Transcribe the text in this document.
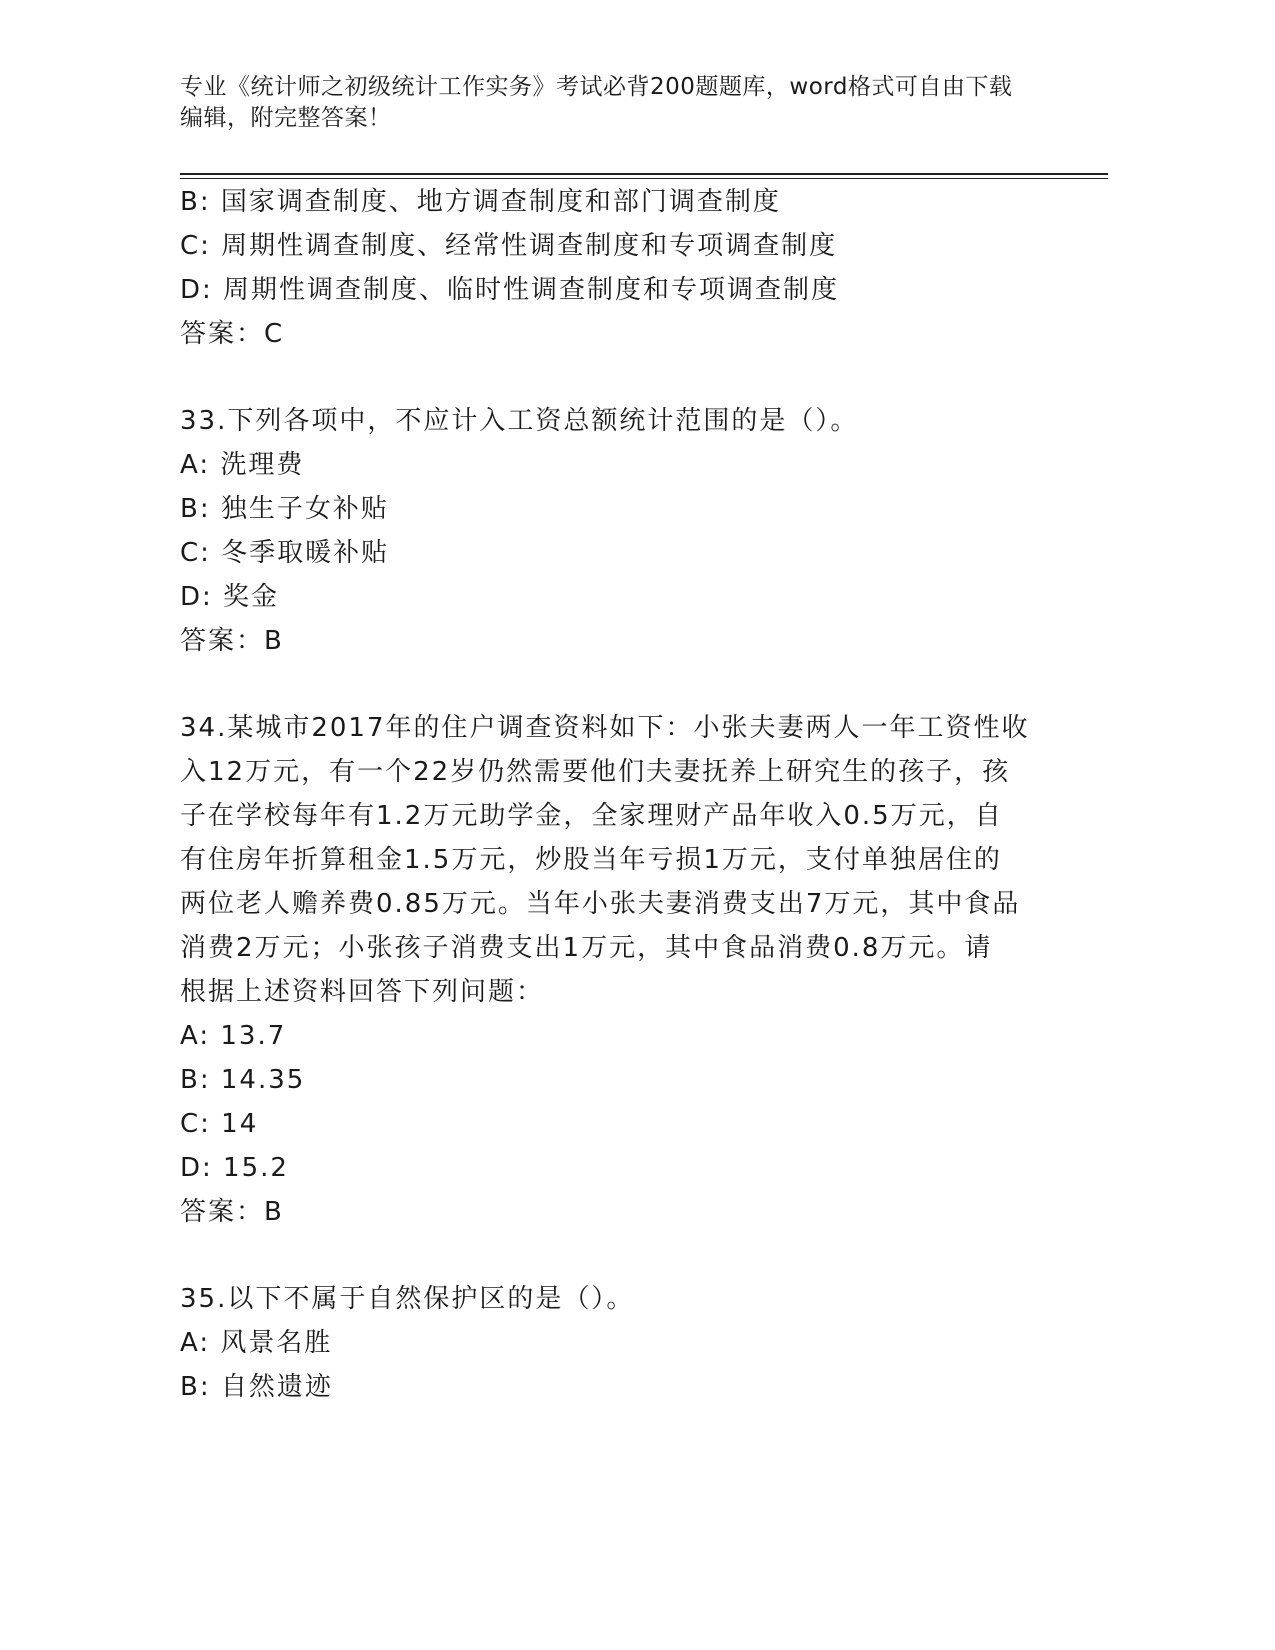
专业《统计师之初级统计工作实务》考试必背200题题库，word格式可自由下载
编辑，附完整答案！
B: 国家调查制度、地方调查制度和部门调查制度
C: 周期性调查制度、经常性调查制度和专项调查制度
D: 周期性调查制度、临时性调查制度和专项调查制度
答案：C
33.下列各项中，不应计入工资总额统计范围的是（）。
A: 洗理费
B: 独生子女补贴
C: 冬季取暖补贴
D: 奖金
答案：B
34.某城市2017年的住户调查资料如下：小张夫妻两人一年工资性收
入12万元，有一个22岁仍然需要他们夫妻抚养上研究生的孩子，孩
子在学校每年有1.2万元助学金，全家理财产品年收入0.5万元，自
有住房年折算租金1.5万元，炒股当年亏损1万元，支付单独居住的
两位老人赡养费0.85万元。当年小张夫妻消费支出7万元，其中食品
消费2万元；小张孩子消费支出1万元，其中食品消费0.8万元。请
根据上述资料回答下列问题：
A: 13.7
B: 14.35
C: 14
D: 15.2
答案：B
35.以下不属于自然保护区的是（）。
A: 风景名胜
B: 自然遗迹
